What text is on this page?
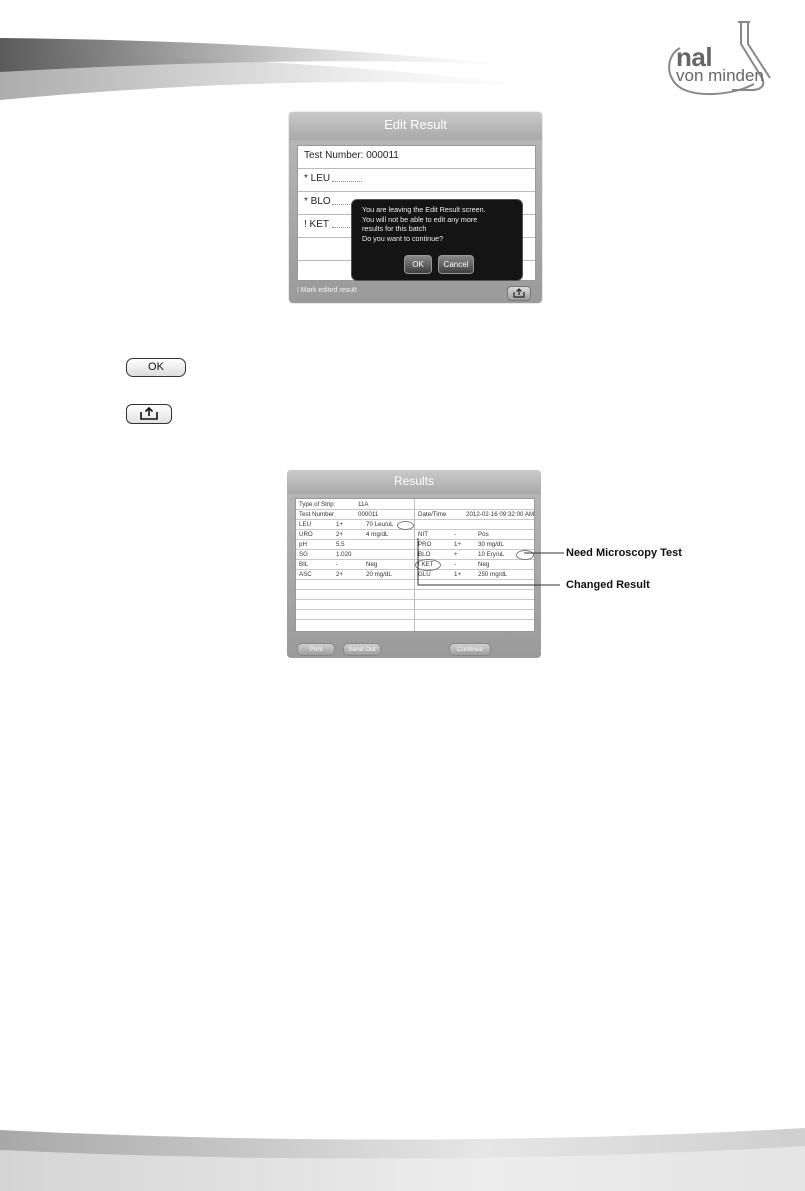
nal
von minden
Edit Result
Test Number: 000011
* LEU
* BLO
! KET
You are leaving the Edit Result screen.
You will not be able to edit any more
results for this batch
Do you want to continue?
OK	Cancel
! Mark edited result
OK
Results
Type of Strip	11A
Test Number	000011
LEU	1+	70 Leu/uL
URO	2+	4 mg/dL
pH	5.5
SG	1.020
BIL	-	Neg
ASC	2+	20 mg/dL
Date/Time	2012-02-16 09:32:00 AM
NIT	-	Pos
PRO	1+	30 mg/dL
BLO	+	10 Ery/uL
! KET	-	Neg
GLU	1+	250 mg/dL
Print	Send Out	Continue
Need Microscopy Test
Changed Result
